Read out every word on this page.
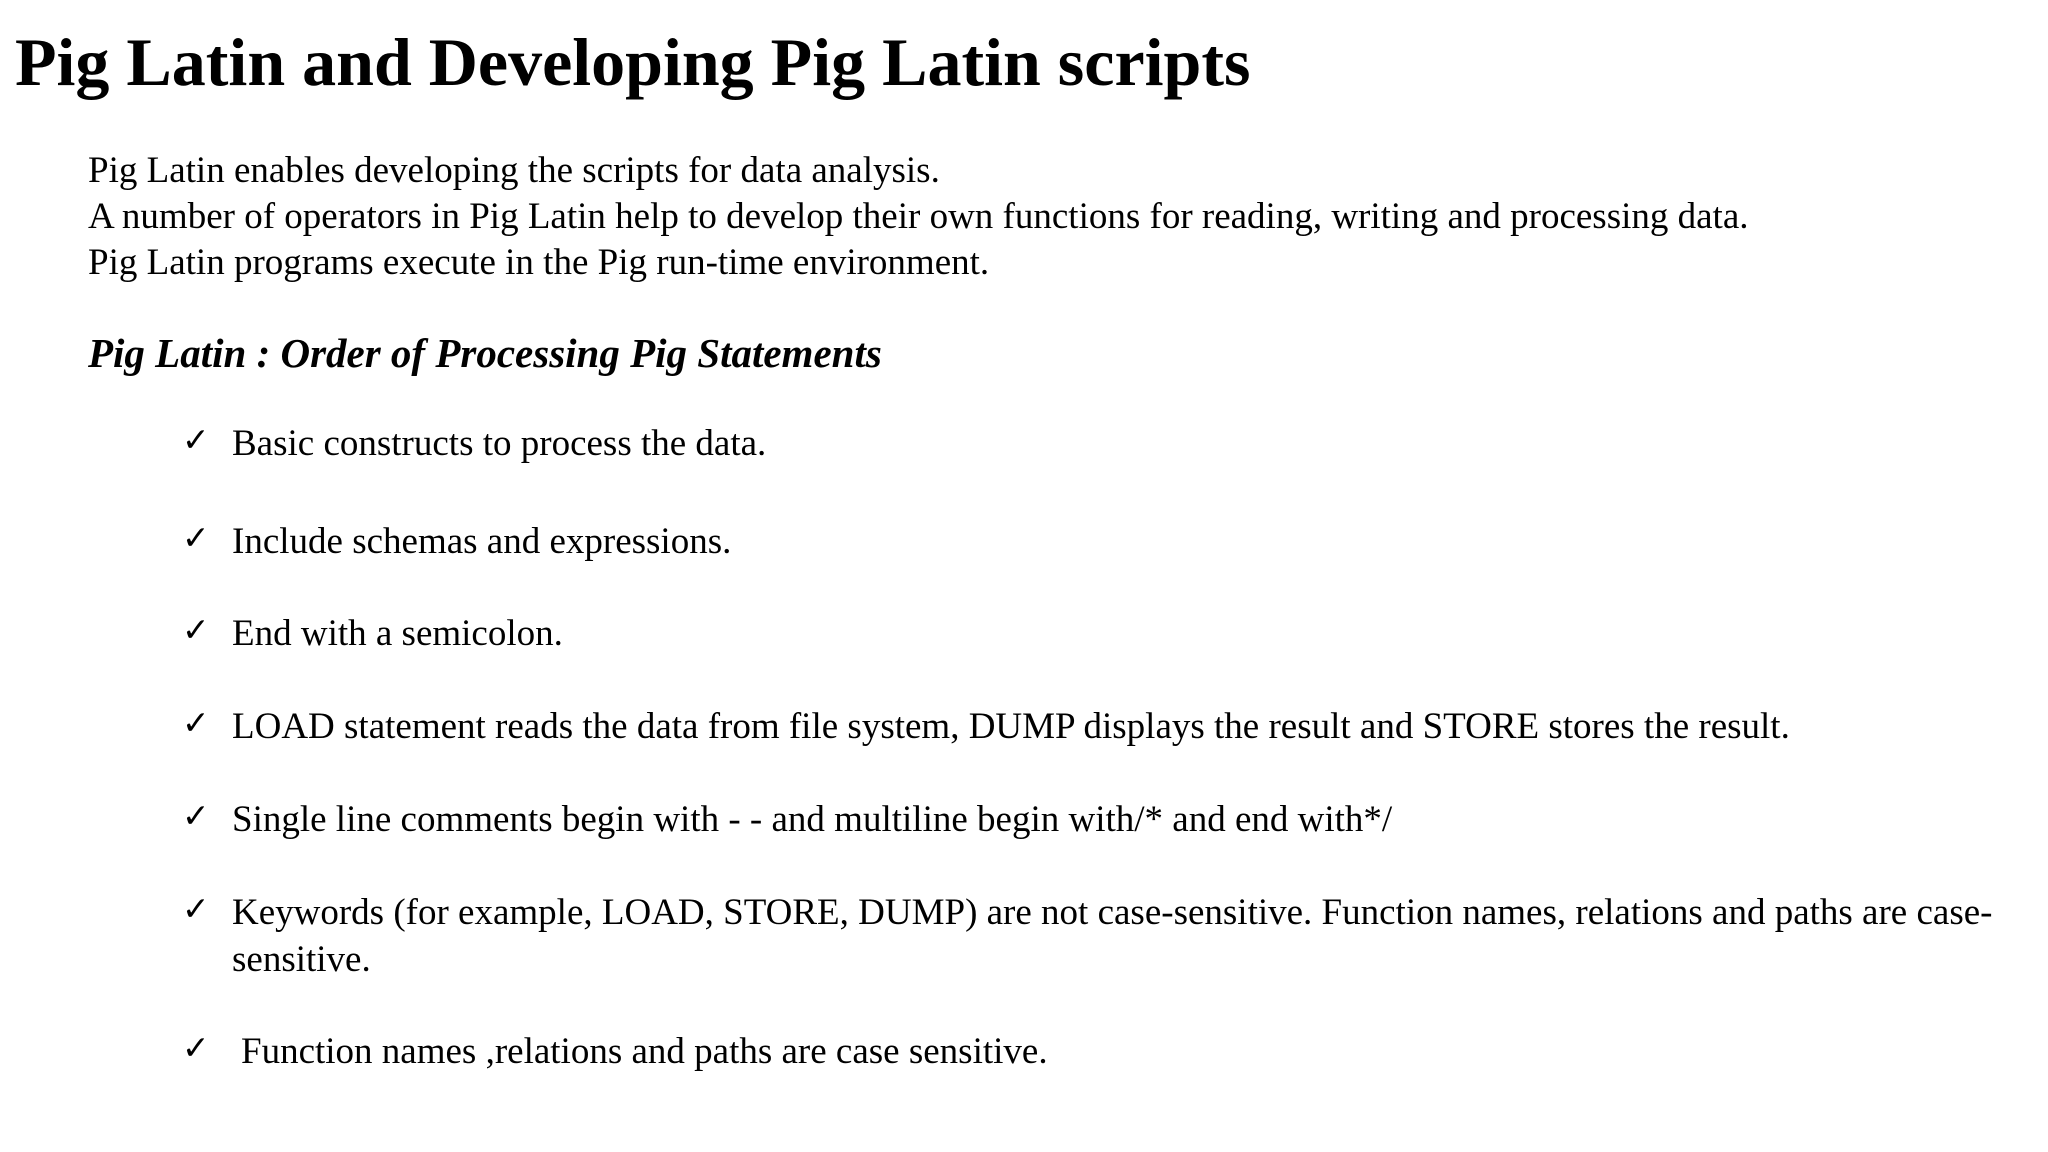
Pig Latin and Developing Pig Latin scripts

Pig Latin enables developing the scripts for data analysis.

A number of operators in Pig Latin help to develop their own functions for reading, writing and processing data.

Pig Latin programs execute in the Pig run-time environment.

Pig Latin : Order of Processing Pig Statements
✓ Basic constructs to process the data.
✓ Include schemas and expressions.
✓ End with a semicolon.
✓ LOAD statement reads the data from file system, DUMP displays the result and STORE stores the result.
✓ Single line comments begin with - - and multiline begin with/* and end with*/
✓ Keywords (for example, LOAD, STORE, DUMP) are not case-sensitive. Function names, relations and paths are case-sensitive.
✓ Function names ,relations and paths are case sensitive.
